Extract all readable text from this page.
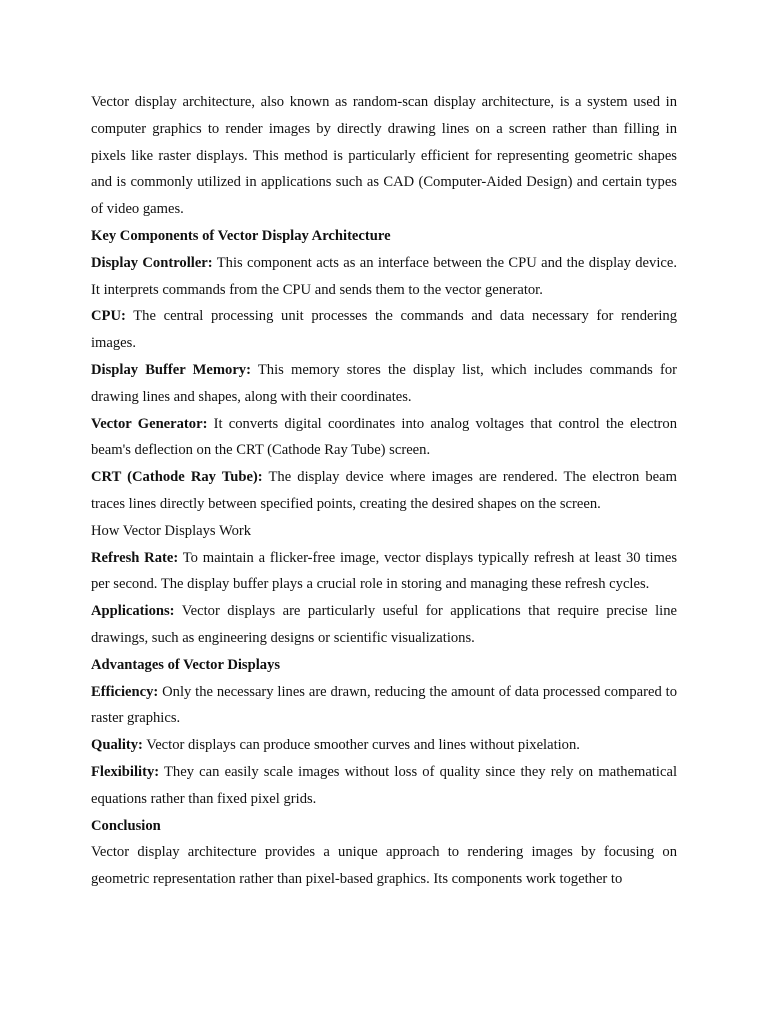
Vector display architecture, also known as random-scan display architecture, is a system used in computer graphics to render images by directly drawing lines on a screen rather than filling in pixels like raster displays. This method is particularly efficient for representing geometric shapes and is commonly utilized in applications such as CAD (Computer-Aided Design) and certain types of video games.

Key Components of Vector Display Architecture

Display Controller: This component acts as an interface between the CPU and the display device. It interprets commands from the CPU and sends them to the vector generator.

CPU: The central processing unit processes the commands and data necessary for rendering images.

Display Buffer Memory: This memory stores the display list, which includes commands for drawing lines and shapes, along with their coordinates.

Vector Generator: It converts digital coordinates into analog voltages that control the electron beam's deflection on the CRT (Cathode Ray Tube) screen.

CRT (Cathode Ray Tube): The display device where images are rendered. The electron beam traces lines directly between specified points, creating the desired shapes on the screen.

How Vector Displays Work

Refresh Rate: To maintain a flicker-free image, vector displays typically refresh at least 30 times per second. The display buffer plays a crucial role in storing and managing these refresh cycles.

Applications: Vector displays are particularly useful for applications that require precise line drawings, such as engineering designs or scientific visualizations.

Advantages of Vector Displays

Efficiency: Only the necessary lines are drawn, reducing the amount of data processed compared to raster graphics.

Quality: Vector displays can produce smoother curves and lines without pixelation.

Flexibility: They can easily scale images without loss of quality since they rely on mathematical equations rather than fixed pixel grids.

Conclusion

Vector display architecture provides a unique approach to rendering images by focusing on geometric representation rather than pixel-based graphics. Its components work together to
